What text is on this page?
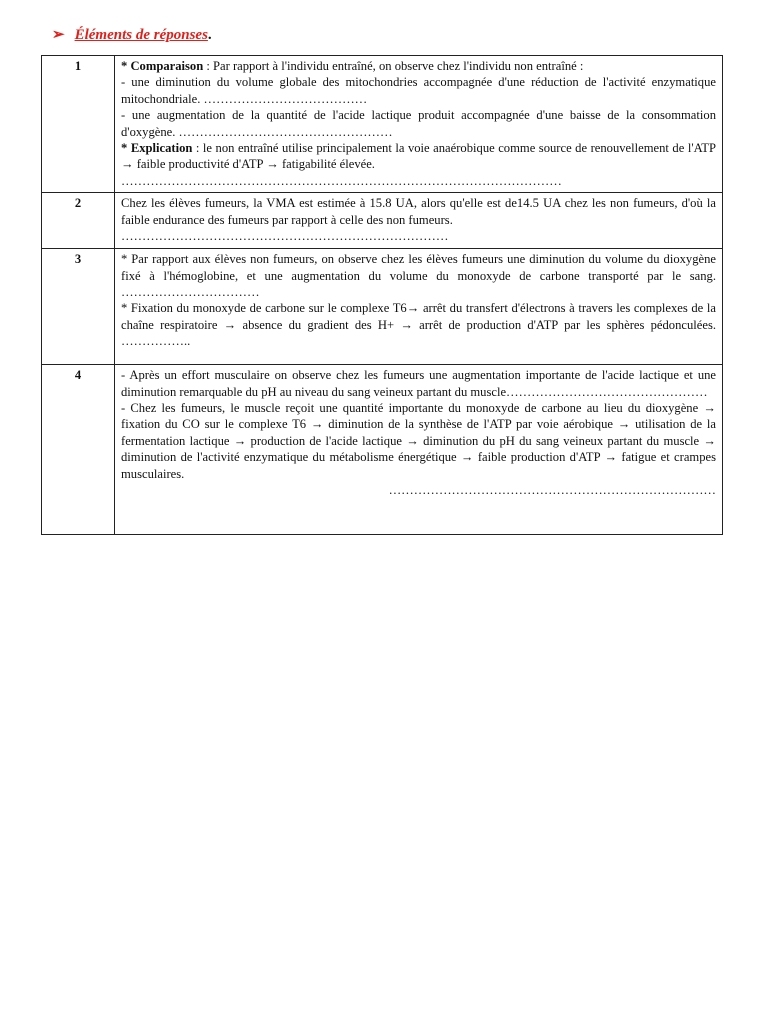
➢ Éléments de réponses.
1	* Comparaison : Par rapport à l'individu entraîné, on observe chez l'individu non entraîné :
- une diminution du volume globale des mitochondries accompagnée d'une réduction de l'activité enzymatique mitochondriale. …………………………………
- une augmentation de la quantité de l'acide lactique produit accompagnée d'une baisse de la consommation d'oxygène. ……………………………………………
* Explication : le non entraîné utilise principalement la voie anaérobique comme source de renouvellement de l'ATP → faible productivité d'ATP → fatigabilité élevée.
……………………………………………………………………………………………

2	Chez les élèves fumeurs, la VMA est estimée à 15.8 UA, alors qu'elle est de14.5 UA chez les non fumeurs, d'où la faible endurance des fumeurs par rapport à celle des non fumeurs.
……………………………………………………………………

3	* Par rapport aux élèves non fumeurs, on observe chez les élèves fumeurs une diminution du volume du dioxygène fixé à l'hémoglobine, et une augmentation du volume du monoxyde de carbone transporté par le sang. ……………………………
* Fixation du monoxyde de carbone sur le complexe T6→ arrêt du transfert d'électrons à travers les complexes de la chaîne respiratoire → absence du gradient des H+ → arrêt de production d'ATP par les sphères pédonculées. ……………..

4	- Après un effort musculaire on observe chez les fumeurs une augmentation importante de l'acide lactique et une diminution remarquable du pH au niveau du sang veineux partant du muscle…………………………………………
- Chez les fumeurs, le muscle reçoit une quantité importante du monoxyde de carbone au lieu du dioxygène → fixation du CO sur le complexe T6 → diminution de la synthèse de l'ATP par voie aérobique → utilisation de la fermentation lactique → production de l'acide lactique → diminution du pH du sang veineux partant du muscle → diminution de l'activité enzymatique du métabolisme énergétique → faible production d'ATP → fatigue et crampes musculaires.
……………………………………………………………………
